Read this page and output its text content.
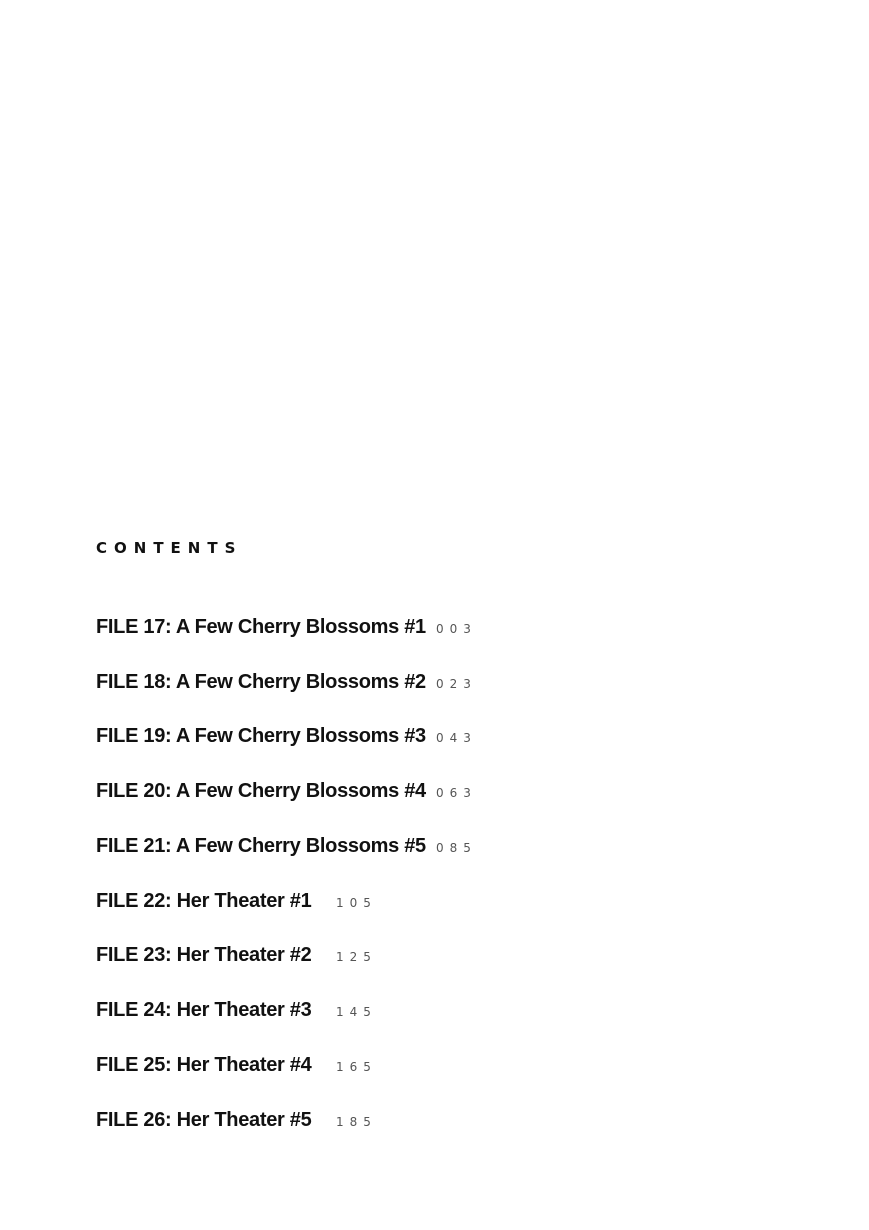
CONTENTS
FILE 17: A Few Cherry Blossoms #1 003
FILE 18: A Few Cherry Blossoms #2 023
FILE 19: A Few Cherry Blossoms #3 043
FILE 20: A Few Cherry Blossoms #4 063
FILE 21: A Few Cherry Blossoms #5 085
FILE 22: Her Theater #1 105
FILE 23: Her Theater #2 125
FILE 24: Her Theater #3 145
FILE 25: Her Theater #4 165
FILE 26: Her Theater #5 185
